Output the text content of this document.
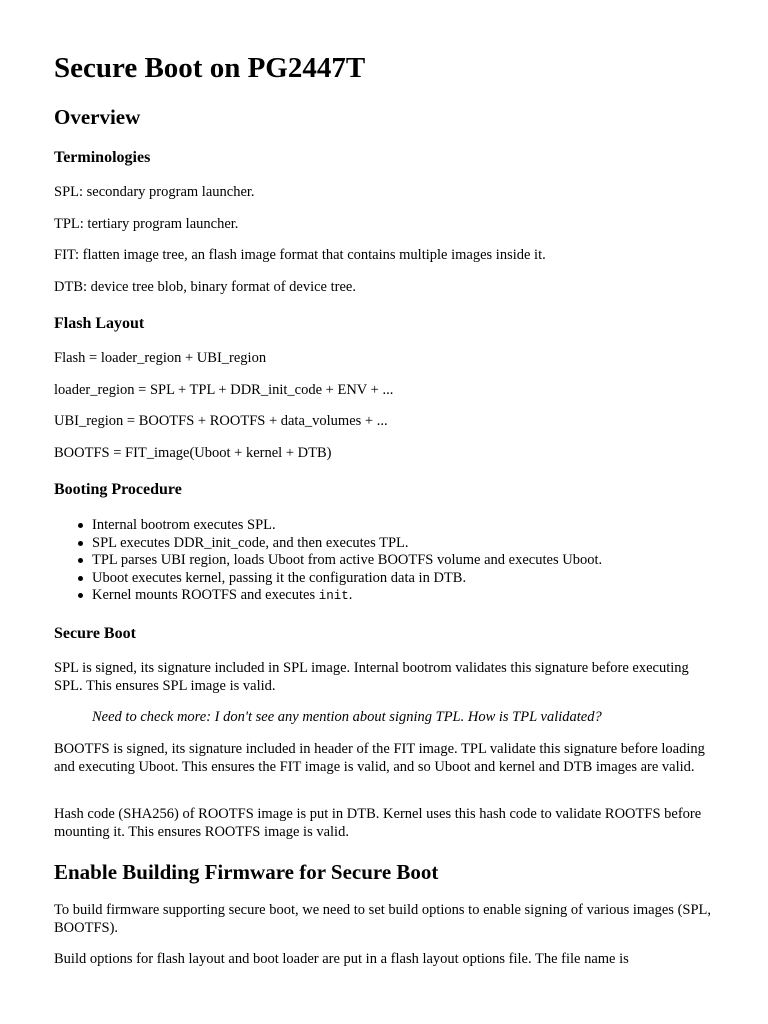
Secure Boot on PG2447T
Overview
Terminologies

SPL: secondary program launcher.

TPL: tertiary program launcher.

FIT: flatten image tree, an flash image format that contains multiple images inside it.

DTB: device tree blob, binary format of device tree.

Flash Layout

Flash = loader_region + UBI_region

loader_region = SPL + TPL + DDR_init_code + ENV + ...

UBI_region = BOOTFS + ROOTFS + data_volumes + ...

BOOTFS = FIT_image(Uboot + kernel + DTB)

Booting Procedure
Internal bootrom executes SPL.
SPL executes DDR_init_code, and then executes TPL.
TPL parses UBI region, loads Uboot from active BOOTFS volume and executes Uboot.
Uboot executes kernel, passing it the configuration data in DTB.
Kernel mounts ROOTFS and executes init.
Secure Boot

SPL is signed, its signature included in SPL image. Internal bootrom validates this signature before executing SPL. This ensures SPL image is valid.

Need to check more: I don't see any mention about signing TPL. How is TPL validated?

BOOTFS is signed, its signature included in header of the FIT image. TPL validate this signature before loading and executing Uboot. This ensures the FIT image is valid, and so Uboot and kernel and DTB images are valid.

Hash code (SHA256) of ROOTFS image is put in DTB. Kernel uses this hash code to validate ROOTFS before mounting it. This ensures ROOTFS image is valid.

Enable Building Firmware for Secure Boot

To build firmware supporting secure boot, we need to set build options to enable signing of various images (SPL, BOOTFS).

Build options for flash layout and boot loader are put in a flash layout options file. The file name is
